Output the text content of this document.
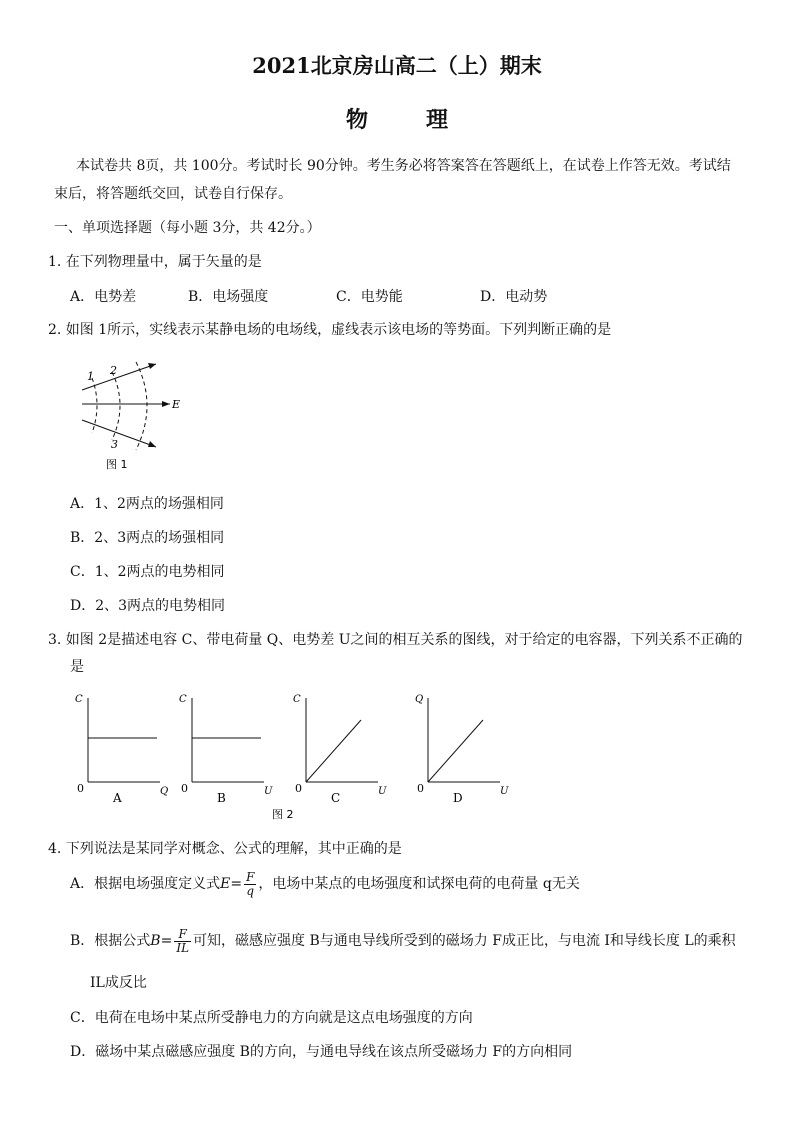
2021北京房山高二（上）期末
物	理
本试卷共 8页，共 100分。考试时长 90分钟。考生务必将答案答在答题纸上，在试卷上作答无效。考试结束后，将答题纸交回，试卷自行保存。
一、单项选择题（每小题 3分，共 42分。）
1. 在下列物理量中，属于矢量的是
A．电势差	B．电场强度	C．电势能	D．电动势
2. 如图 1所示，实线表示某静电场的电场线，虚线表示该电场的等势面。下列判断正确的是
1 2
3
E
图 1
A．1、2两点的场强相同
B．2、3两点的场强相同
C．1、2两点的电势相同
D．2、3两点的电势相同
3. 如图 2是描述电容 C、带电荷量 Q、电势差 U之间的相互关系的图线，对于给定的电容器，下列关系不正确的
是
图 2
C
Q
0
A
C
U
0
B
C
U
0
C
Q
U
0
D
4. 下列说法是某同学对概念、公式的理解，其中正确的是
A．根据电场强度定义式$E= \frac{F}{q}$ ，电场中某点的电场强度和试探电荷的电荷量 q无关
B．根据公式$B= \frac{F}{IL}$ 可知，磁感应强度 B与通电导线所受到的磁场力 F成正比，与电流 I和导线长度 L的乘积
IL成反比
C．电荷在电场中某点所受静电力的方向就是这点电场强度的方向
D．磁场中某点磁感应强度 B的方向，与通电导线在该点所受磁场力 F的方向相同
